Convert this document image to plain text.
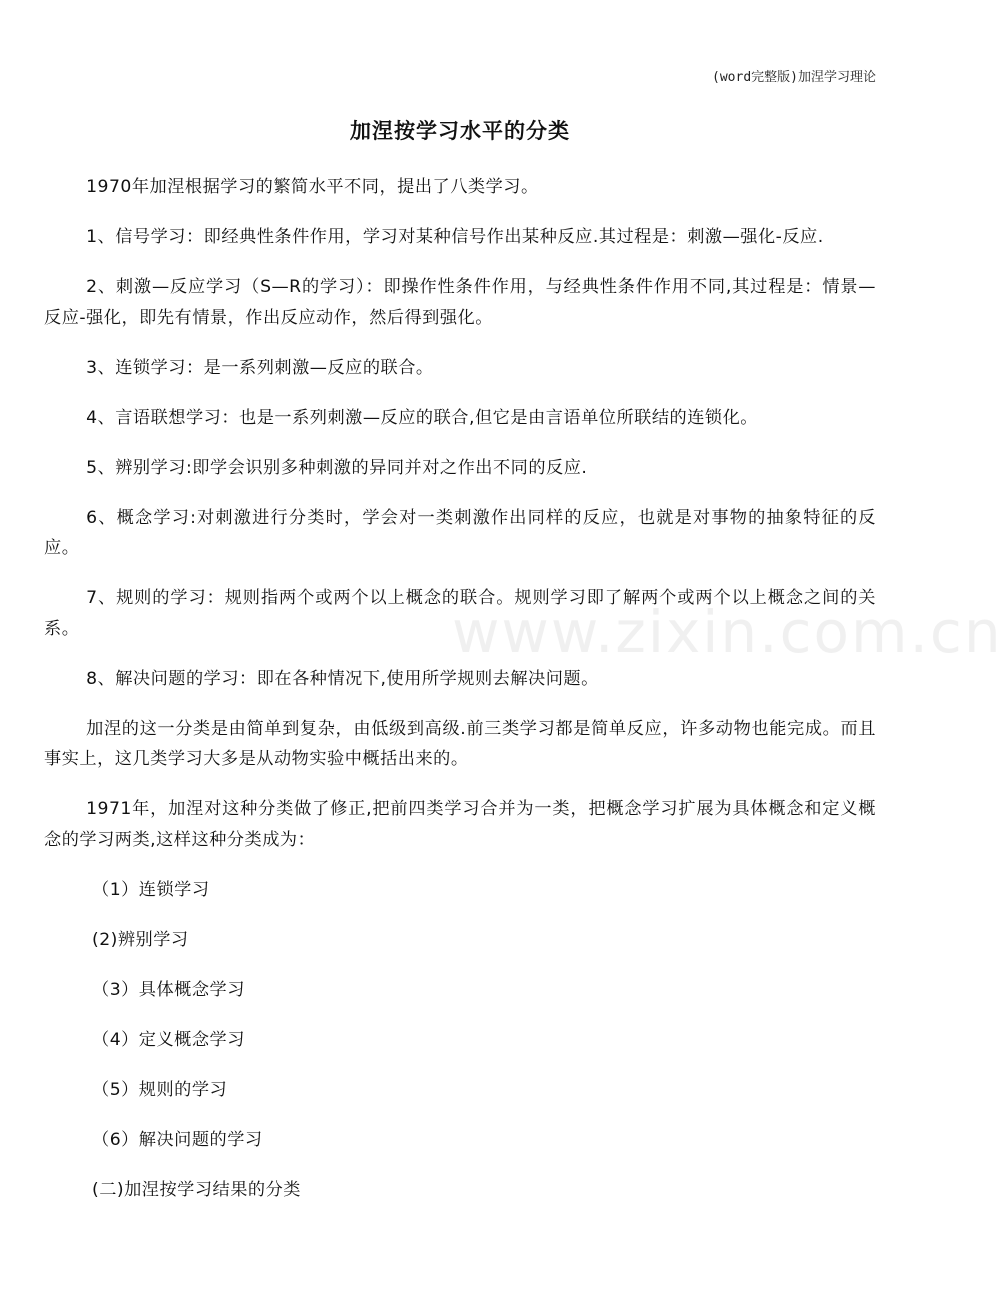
(word完整版)加涅学习理论
加涅按学习水平的分类

1970年加涅根据学习的繁简水平不同，提出了八类学习。

1、信号学习：即经典性条件作用，学习对某种信号作出某种反应.其过程是：刺激—强化-反应.

2、刺激—反应学习（S—R的学习）：即操作性条件作用，与经典性条件作用不同,其过程是：情景—反应-强化，即先有情景，作出反应动作，然后得到强化。

3、连锁学习：是一系列刺激—反应的联合。

4、言语联想学习：也是一系列刺激—反应的联合,但它是由言语单位所联结的连锁化。

5、辨别学习:即学会识别多种刺激的异同并对之作出不同的反应.

6、概念学习:对刺激进行分类时，学会对一类刺激作出同样的反应，也就是对事物的抽象特征的反应。

7、规则的学习：规则指两个或两个以上概念的联合。规则学习即了解两个或两个以上概念之间的关系。

8、解决问题的学习：即在各种情况下,使用所学规则去解决问题。

加涅的这一分类是由简单到复杂，由低级到高级.前三类学习都是简单反应，许多动物也能完成。而且事实上，这几类学习大多是从动物实验中概括出来的。

1971年，加涅对这种分类做了修正,把前四类学习合并为一类，把概念学习扩展为具体概念和定义概念的学习两类,这样这种分类成为：

（1）连锁学习
(2)辨别学习
（3）具体概念学习
（4）定义概念学习
（5）规则的学习
（6）解决问题的学习
(二)加涅按学习结果的分类
www.zixin.com.cn
